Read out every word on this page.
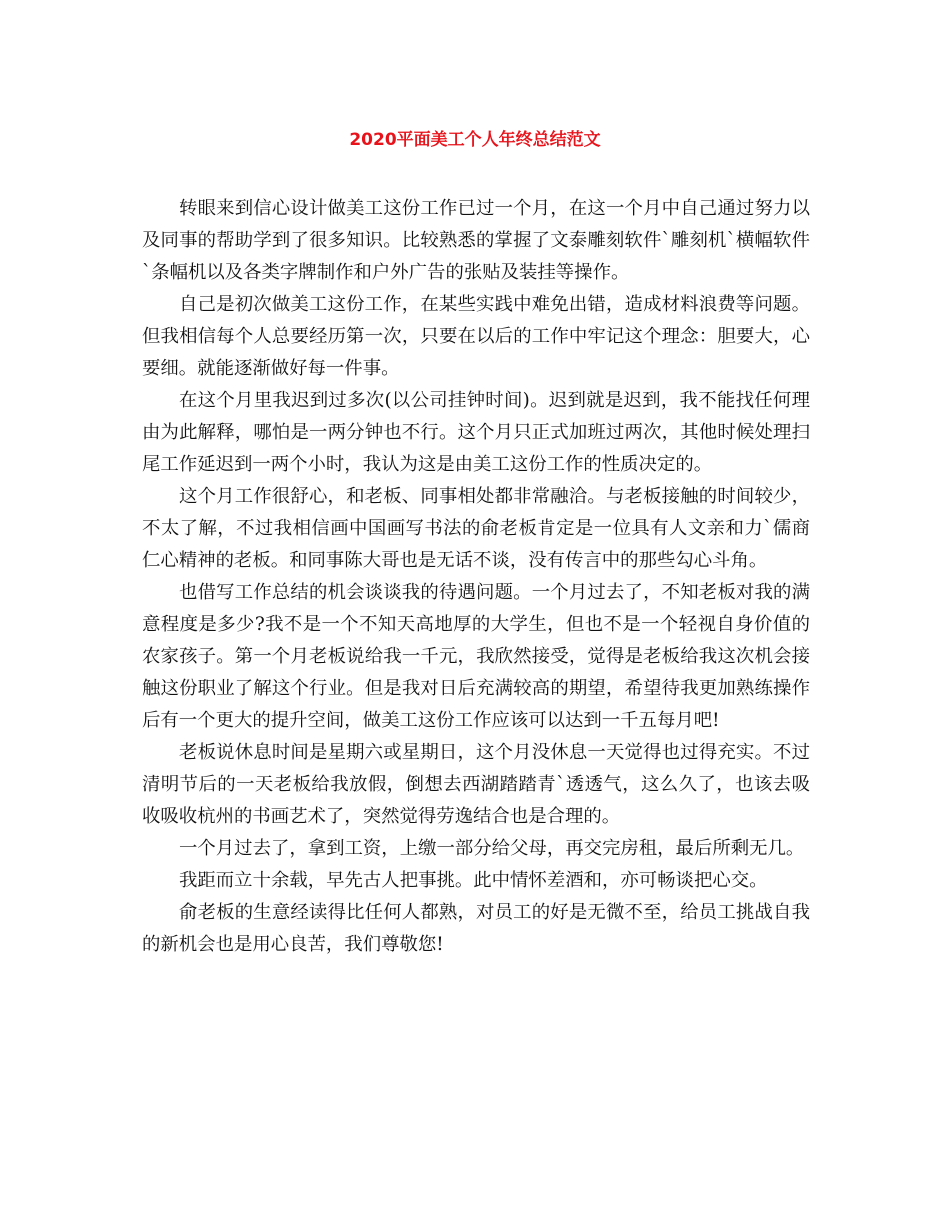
2020平面美工个人年终总结范文

转眼来到信心设计做美工这份工作已过一个月，在这一个月中自己通过努力以及同事的帮助学到了很多知识。比较熟悉的掌握了文泰雕刻软件`雕刻机`横幅软件`条幅机以及各类字牌制作和户外广告的张贴及装挂等操作。

自己是初次做美工这份工作，在某些实践中难免出错，造成材料浪费等问题。但我相信每个人总要经历第一次，只要在以后的工作中牢记这个理念：胆要大，心要细。就能逐渐做好每一件事。

在这个月里我迟到过多次(以公司挂钟时间)。迟到就是迟到，我不能找任何理由为此解释，哪怕是一两分钟也不行。这个月只正式加班过两次，其他时候处理扫尾工作延迟到一两个小时，我认为这是由美工这份工作的性质决定的。

这个月工作很舒心，和老板、同事相处都非常融洽。与老板接触的时间较少，不太了解，不过我相信画中国画写书法的俞老板肯定是一位具有人文亲和力`儒商仁心精神的老板。和同事陈大哥也是无话不谈，没有传言中的那些勾心斗角。

也借写工作总结的机会谈谈我的待遇问题。一个月过去了，不知老板对我的满意程度是多少?我不是一个不知天高地厚的大学生，但也不是一个轻视自身价值的农家孩子。第一个月老板说给我一千元，我欣然接受，觉得是老板给我这次机会接触这份职业了解这个行业。但是我对日后充满较高的期望，希望待我更加熟练操作后有一个更大的提升空间，做美工这份工作应该可以达到一千五每月吧!

老板说休息时间是星期六或星期日，这个月没休息一天觉得也过得充实。不过清明节后的一天老板给我放假，倒想去西湖踏踏青`透透气，这么久了，也该去吸收吸收杭州的书画艺术了，突然觉得劳逸结合也是合理的。

一个月过去了，拿到工资，上缴一部分给父母，再交完房租，最后所剩无几。

我距而立十余载，早先古人把事挑。此中情怀差酒和，亦可畅谈把心交。

俞老板的生意经读得比任何人都熟，对员工的好是无微不至，给员工挑战自我的新机会也是用心良苦，我们尊敬您!
